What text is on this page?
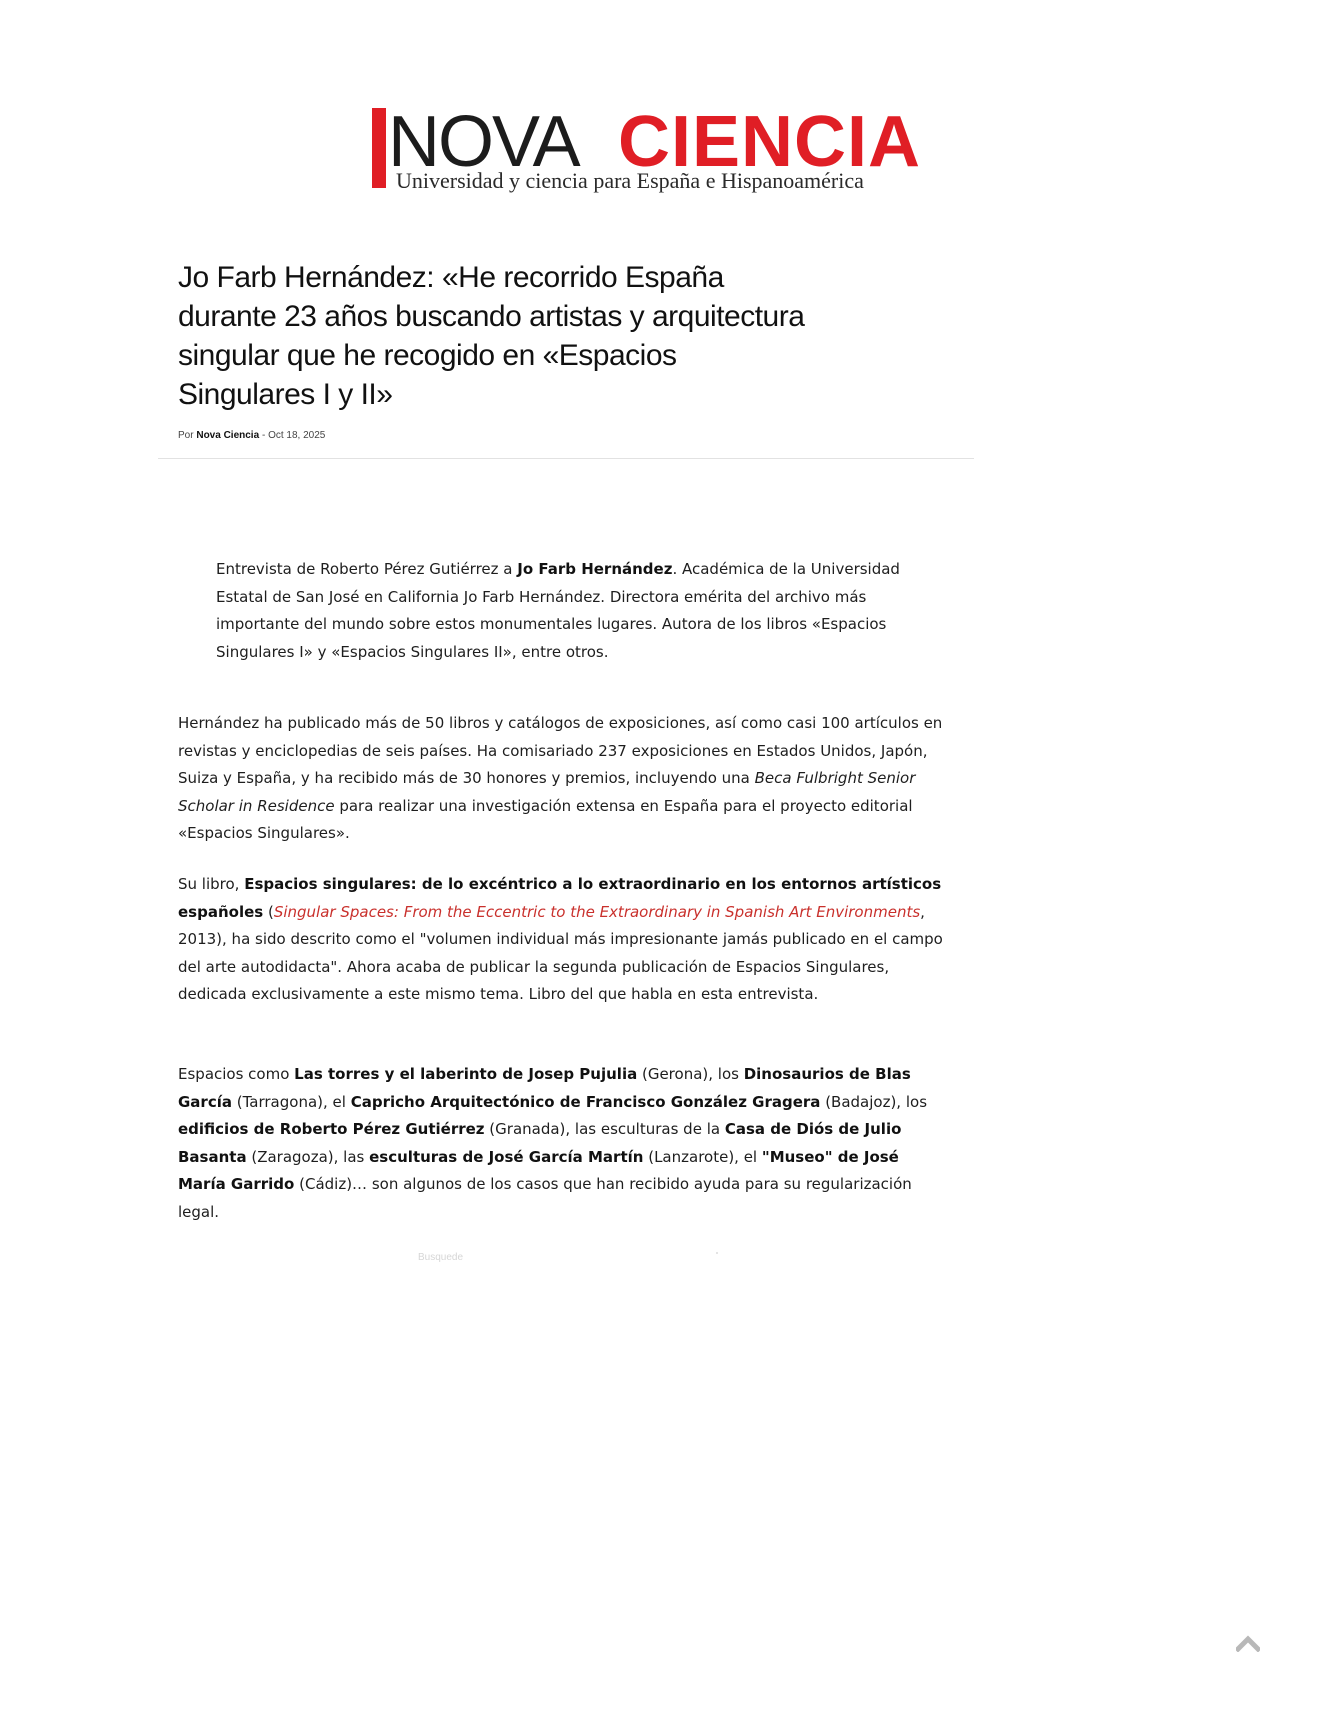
NOVA CIENCIA
Universidad y ciencia para España e Hispanoamérica
Jo Farb Hernández: «He recorrido España durante 23 años buscando artistas y arquitectura singular que he recogido en «Espacios Singulares I y II»
Por Nova Ciencia - Oct 18, 2025

Entrevista de Roberto Pérez Gutiérrez a Jo Farb Hernández. Académica de la Universidad Estatal de San José en California Jo Farb Hernández. Directora emérita del archivo más importante del mundo sobre estos monumentales lugares. Autora de los libros «Espacios Singulares I» y «Espacios Singulares II», entre otros.

Hernández ha publicado más de 50 libros y catálogos de exposiciones, así como casi 100 artículos en revistas y enciclopedias de seis países. Ha comisariado 237 exposiciones en Estados Unidos, Japón, Suiza y España, y ha recibido más de 30 honores y premios, incluyendo una Beca Fulbright Senior Scholar in Residence para realizar una investigación extensa en España para el proyecto editorial «Espacios Singulares».

Su libro, Espacios singulares: de lo excéntrico a lo extraordinario en los entornos artísticos españoles (Singular Spaces: From the Eccentric to the Extraordinary in Spanish Art Environments, 2013), ha sido descrito como el "volumen individual más impresionante jamás publicado en el campo del arte autodidacta". Ahora acaba de publicar la segunda publicación de Espacios Singulares, dedicada exclusivamente a este mismo tema. Libro del que habla en esta entrevista.

Espacios como Las torres y el laberinto de Josep Pujulia (Gerona), los Dinosaurios de Blas García (Tarragona), el Capricho Arquitectónico de Francisco González Gragera (Badajoz), los edificios de Roberto Pérez Gutiérrez (Granada), las esculturas de la Casa de Diós de Julio Basanta (Zaragoza), las esculturas de José García Martín (Lanzarote), el "Museo" de José María Garrido (Cádiz)… son algunos de los casos que han recibido ayuda para su regularización legal.

Busquede
